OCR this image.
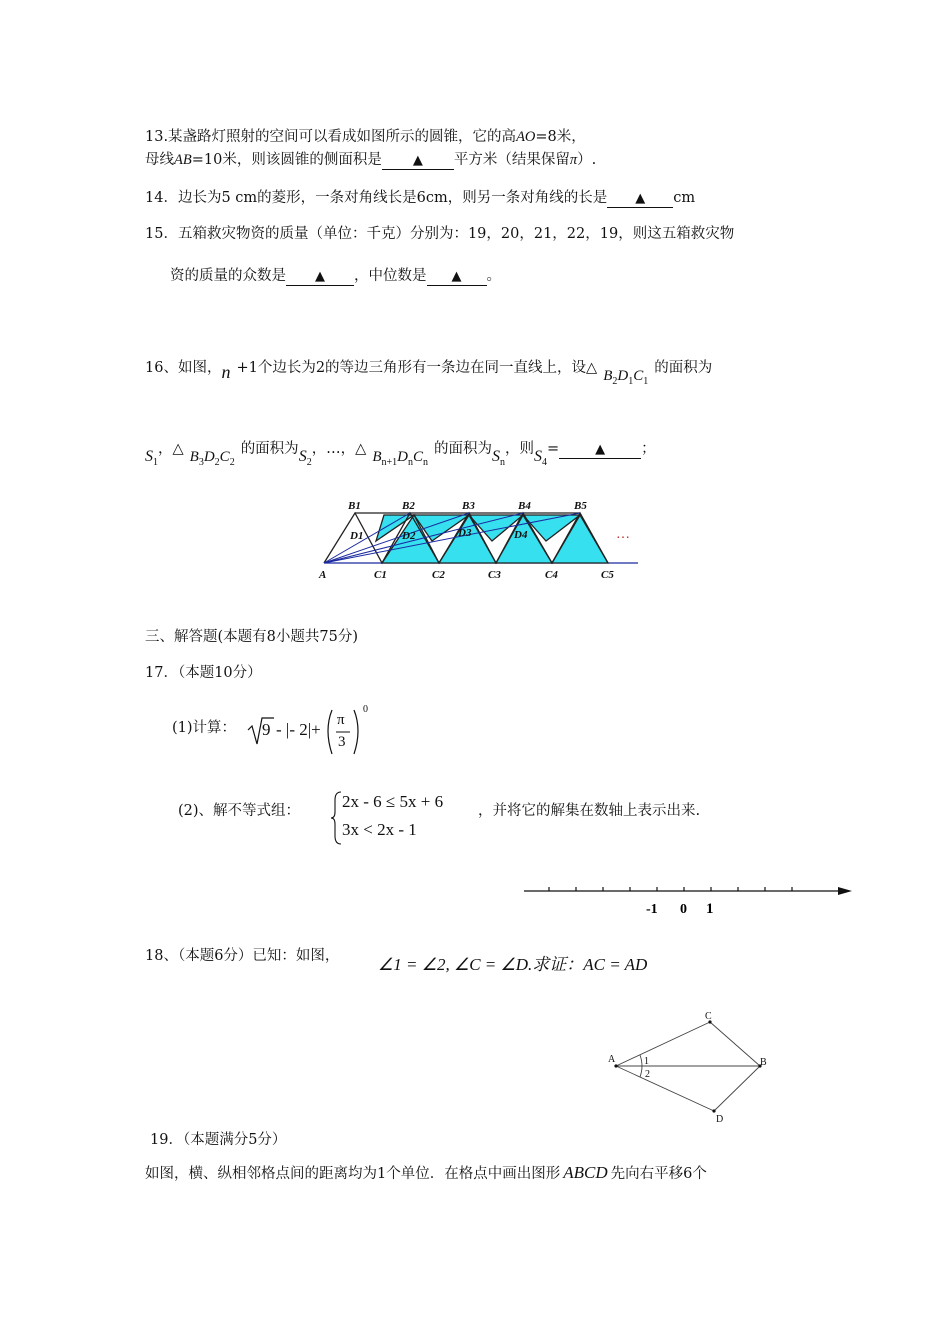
13.某盏路灯照射的空间可以看成如图所示的圆锥，它的高AO=8米，
母线AB=10米，则该圆锥的侧面积是 ▲ 平方米（结果保留π）.
14．边长为5 cm的菱形，一条对角线长是6cm，则另一条对角线的长是 ▲ cm
15．五箱救灾物资的质量（单位：千克）分别为：19，20，21，22，19，则这五箱救灾物
资的质量的众数是 ▲ ，中位数是 ▲ 。
16、如图，n +1个边长为2的等边三角形有一条边在同一直线上，设△ $B_2D_1C_1$的面积为
$S_1$，△ $B_3D_2C_2$的面积为$S_2$，…，△ $B_{n+1}D_nC_n$的面积为$S_n$，则$S_4=$	▲ ；
A
B1	B2	B3	B4	B5
D1	D2	D3	D4
C1	C2	C3	C4	C5
…
三、解答题(本题有8小题共75分)
17．（本题10分）
(1)计算： 9 - |- 2|+ π
3
0
(2)、解不等式组： 2x - 6 ≤ 5x + 6
3x < 2x - 1
，并将它的解集在数轴上表示出来.
-1 0 1
18、（本题6分）已知：如图， ∠1 = ∠2, ∠C = ∠D.求证：AC = AD
A
C
B
D
1
2
19．（本题满分5分）
如图，横、纵相邻格点间的距离均为1个单位．在格点中画出图形 ABCD 先向右平移6个
